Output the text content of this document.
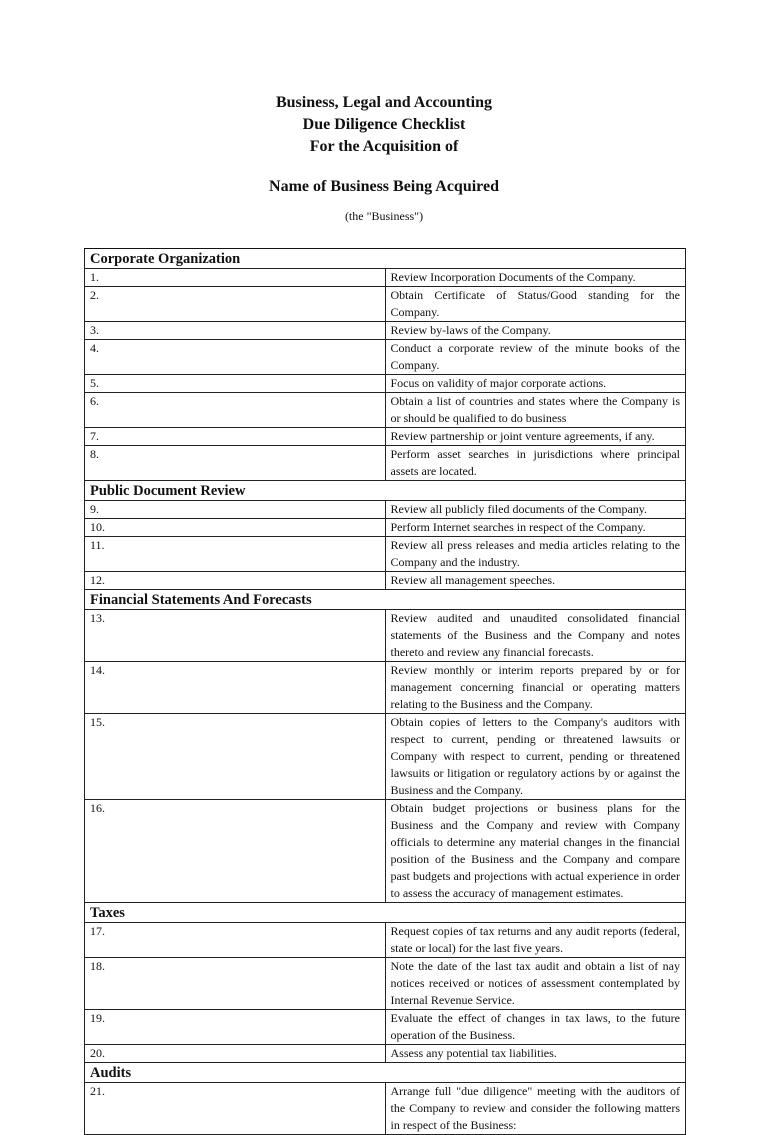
Business, Legal and Accounting
Due Diligence Checklist
For the Acquisition of
Name of Business Being Acquired
(the "Business")
Corporate Organization	
1.	Review Incorporation Documents of the Company.
2.	Obtain Certificate of Status/Good standing for the Company.
3.	Review by-laws of the Company.
4.	Conduct a corporate review of the minute books of the Company.
5.	Focus on validity of major corporate actions.
6.	Obtain a list of countries and states where the Company is or should be qualified to do business
7.	Review partnership or joint venture agreements, if any.
8.	Perform asset searches in jurisdictions where principal assets are located.
Public Document Review	
9.	Review all publicly filed documents of the Company.
10.	Perform Internet searches in respect of the Company.
11.	Review all press releases and media articles relating to the Company and the industry.
12.	Review all management speeches.
Financial Statements And Forecasts	
13.	Review audited and unaudited consolidated financial statements of the Business and the Company and notes thereto and review any financial forecasts.
14.	Review monthly or interim reports prepared by or for management concerning financial or operating matters relating to the Business and the Company.
15.	Obtain copies of letters to the Company's auditors with respect to current, pending or threatened lawsuits or Company with respect to current, pending or threatened lawsuits or litigation or regulatory actions by or against the Business and the Company.
16.	Obtain budget projections or business plans for the Business and the Company and review with Company officials to determine any material changes in the financial position of the Business and the Company and compare past budgets and projections with actual experience in order to assess the accuracy of management estimates.
Taxes	
17.	Request copies of tax returns and any audit reports (federal, state or local) for the last five years.
18.	Note the date of the last tax audit and obtain a list of nay notices received or notices of assessment contemplated by Internal Revenue Service.
19.	Evaluate the effect of changes in tax laws, to the future operation of the Business.
20.	Assess any potential tax liabilities.
Audits	
21.	Arrange full "due diligence" meeting with the auditors of the Company to review and consider the following matters in respect of the Business:
